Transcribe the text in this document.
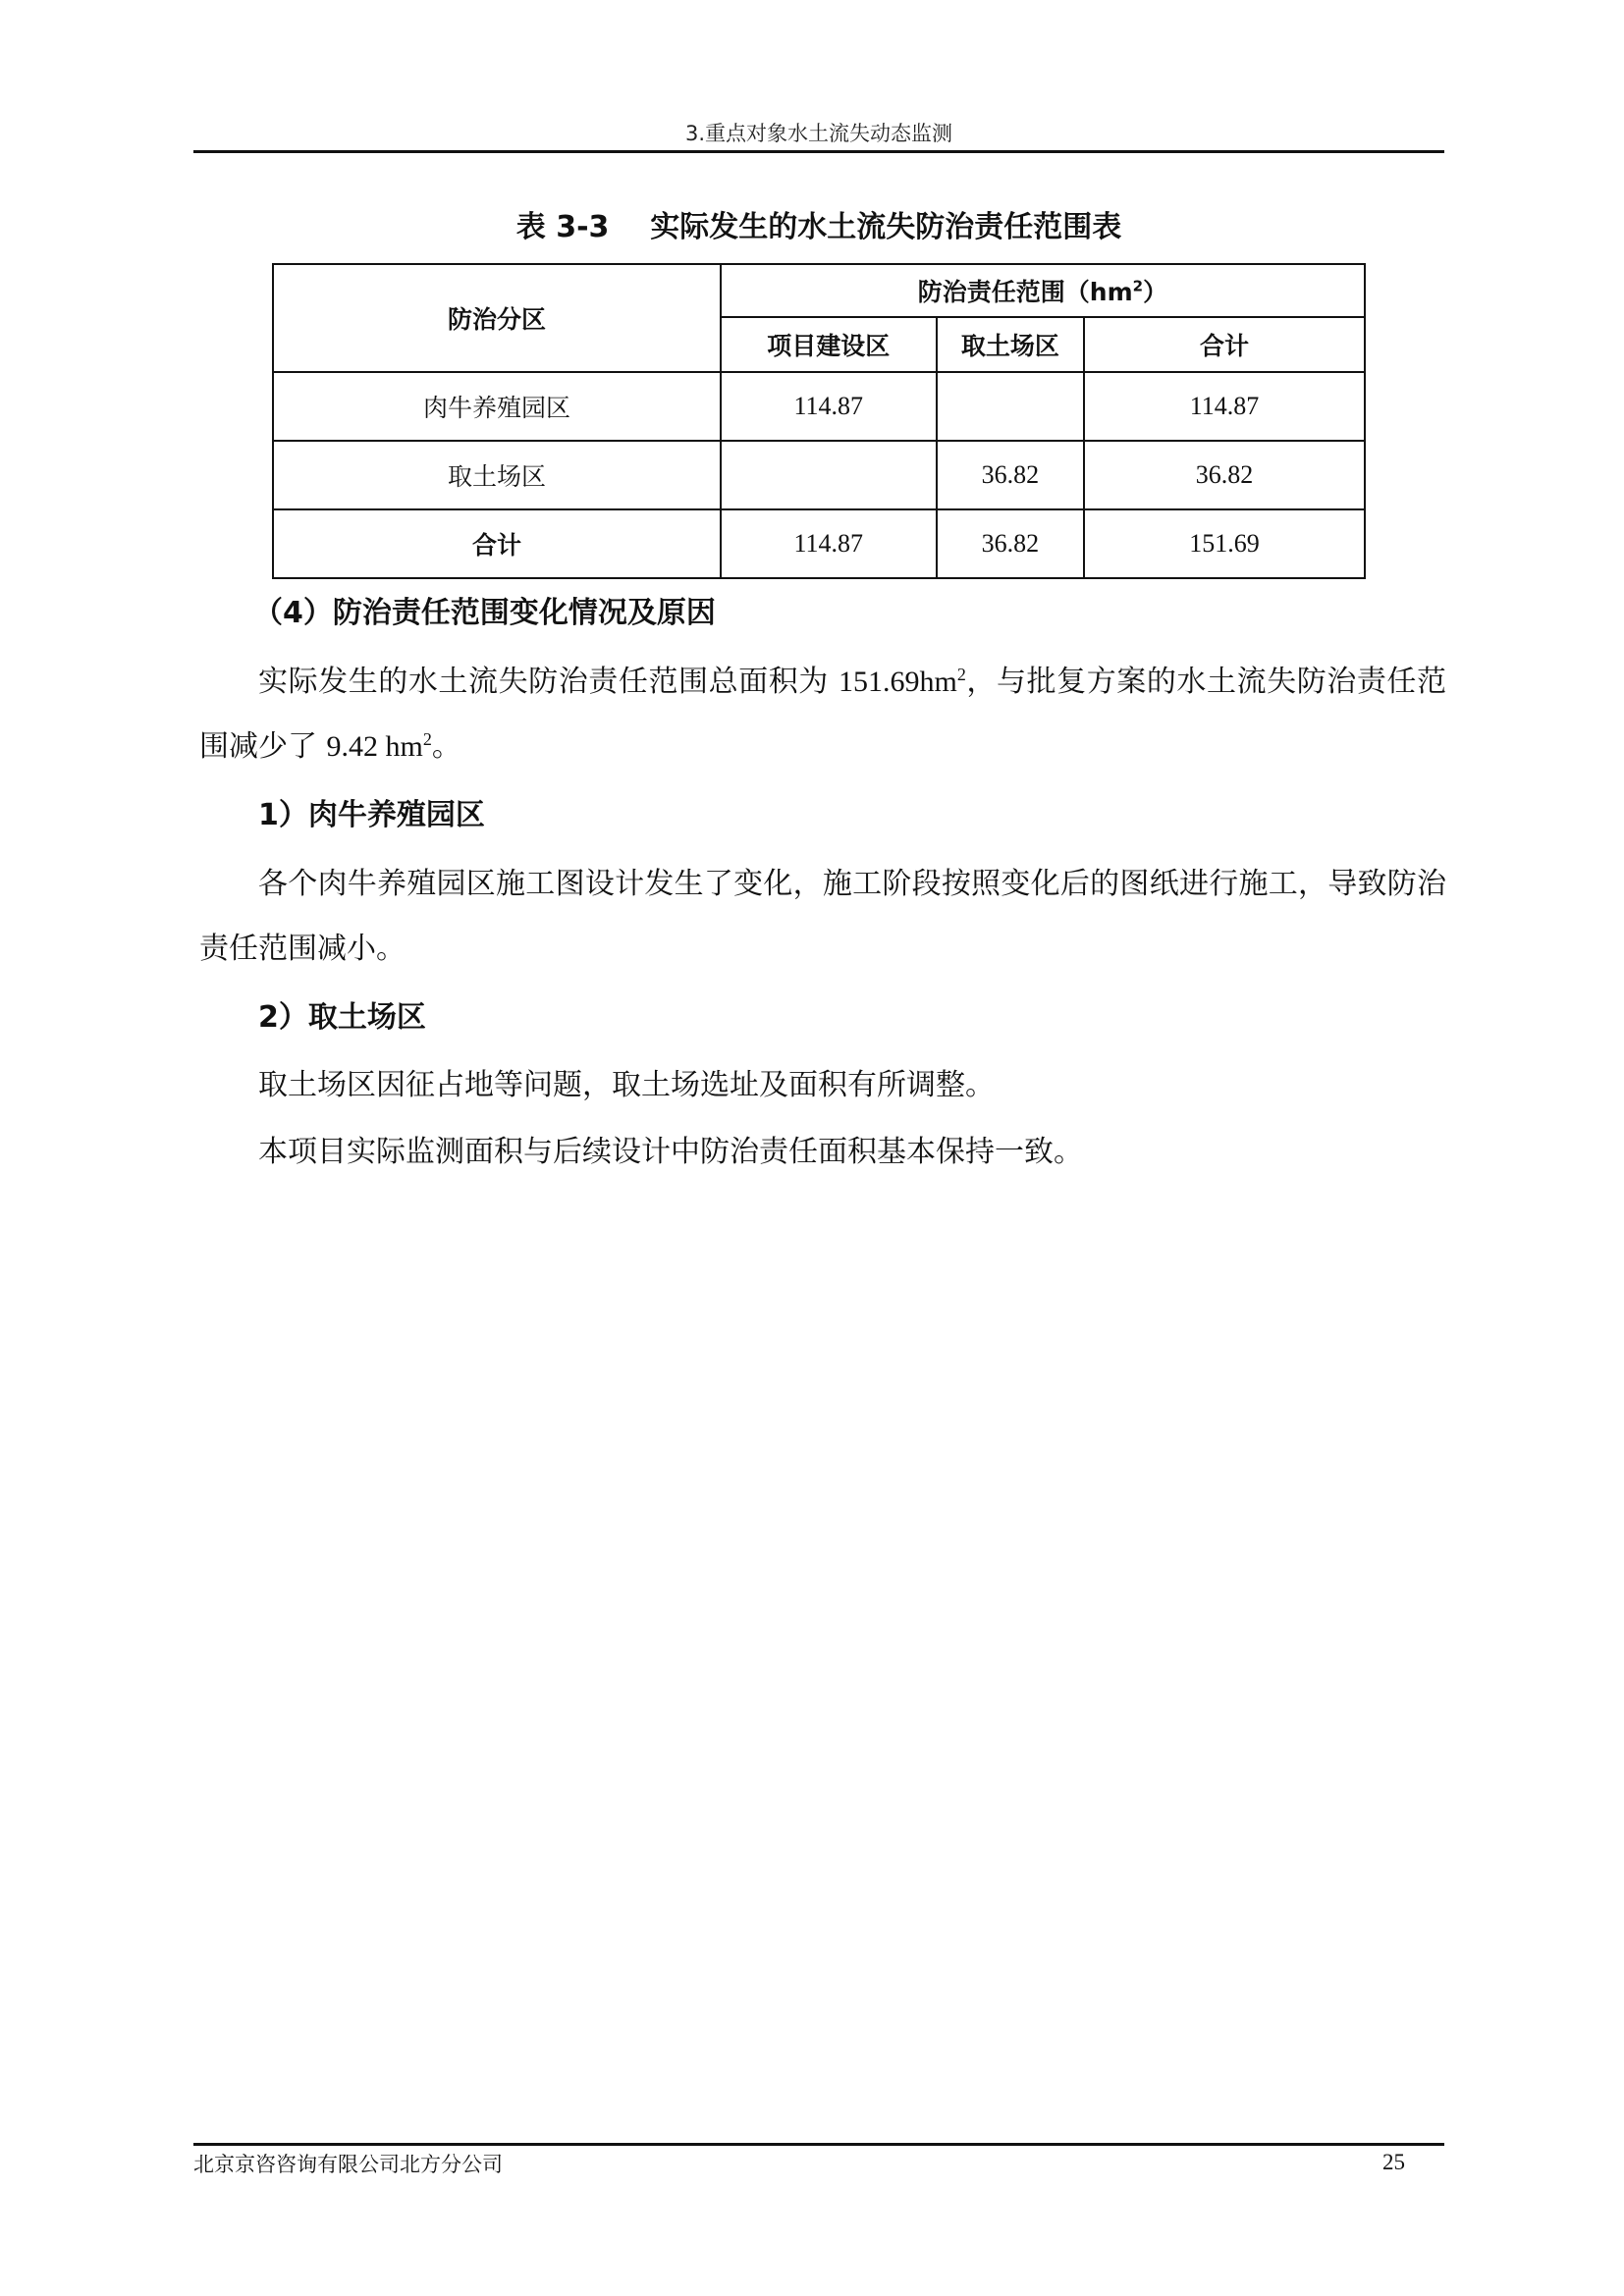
3.重点对象水土流失动态监测
表 3-3    实际发生的水土流失防治责任范围表
防治分区	防治责任范围$(hm^2)$		
	项目建设区	取土场区	合计
肉牛养殖园区	114.87		114.87
取土场区		36.82	36.82
合计	114.87	36.82	151.69
（4）防治责任范围变化情况及原因
实际发生的水土流失防治责任范围总面积为 $151.69hm^2$，与批复方案的水土流失防治责任范围减少了 9.42 $hm^2$。
1）肉牛养殖园区
各个肉牛养殖园区施工图设计发生了变化，施工阶段按照变化后的图纸进行施工，导致防治责任范围减小。
2）取土场区
取土场区因征占地等问题，取土场选址及面积有所调整。
本项目实际监测面积与后续设计中防治责任面积基本保持一致。
北京京咨咨询有限公司北方分公司	25
